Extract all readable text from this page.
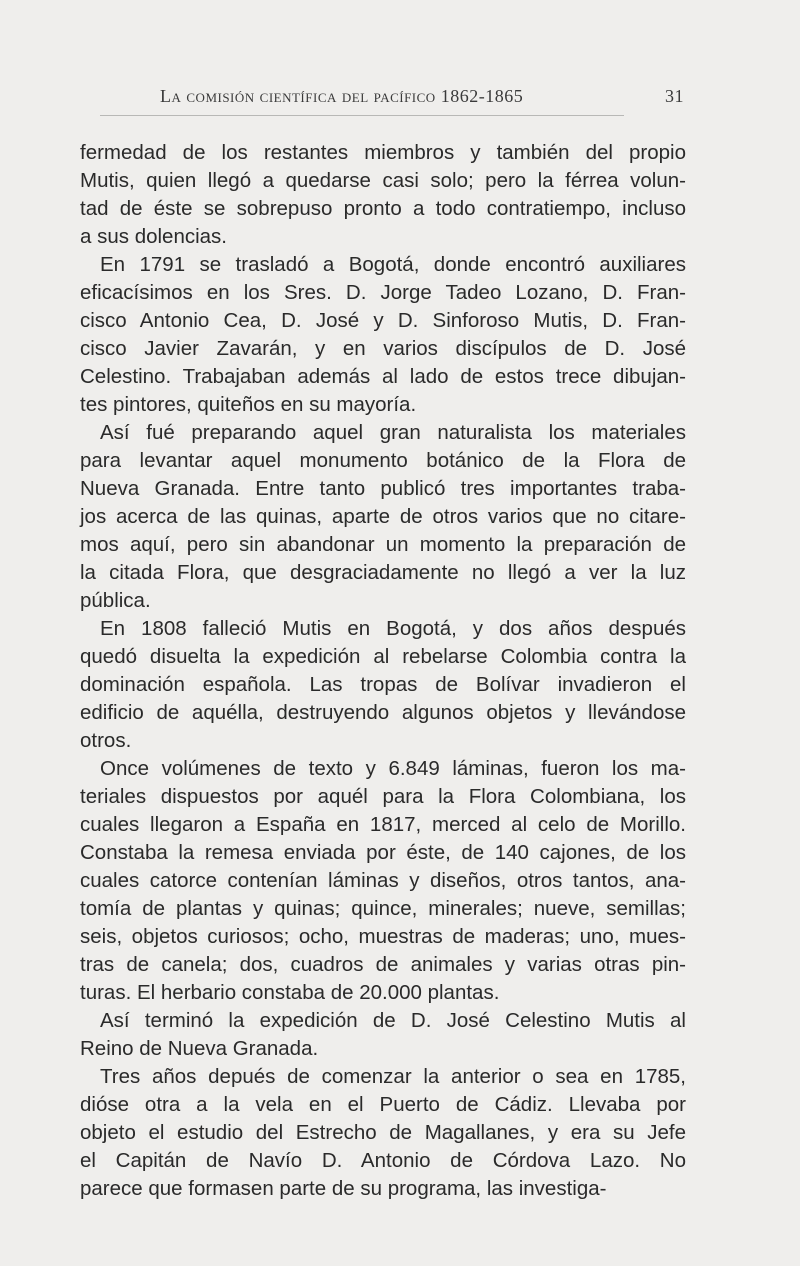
La comisión científica del pacífico 1862-1865	31
fermedad de los restantes miembros y también del propio
Mutis, quien llegó a quedarse casi solo; pero la férrea volun-
tad de éste se sobrepuso pronto a todo contratiempo, incluso
a sus dolencias.
En 1791 se trasladó a Bogotá, donde encontró auxiliares
eficacísimos en los Sres. D. Jorge Tadeo Lozano, D. Fran-
cisco Antonio Cea, D. José y D. Sinforoso Mutis, D. Fran-
cisco Javier Zavarán, y en varios discípulos de D. José
Celestino. Trabajaban además al lado de estos trece dibujan-
tes pintores, quiteños en su mayoría.
Así fué preparando aquel gran naturalista los materiales
para levantar aquel monumento botánico de la Flora de
Nueva Granada. Entre tanto publicó tres importantes traba-
jos acerca de las quinas, aparte de otros varios que no citare-
mos aquí, pero sin abandonar un momento la preparación de
la citada Flora, que desgraciadamente no llegó a ver la luz
pública.
En 1808 falleció Mutis en Bogotá, y dos años después
quedó disuelta la expedición al rebelarse Colombia contra la
dominación española. Las tropas de Bolívar invadieron el
edificio de aquélla, destruyendo algunos objetos y llevándose
otros.
Once volúmenes de texto y 6.849 láminas, fueron los ma-
teriales dispuestos por aquél para la Flora Colombiana, los
cuales llegaron a España en 1817, merced al celo de Morillo.
Constaba la remesa enviada por éste, de 140 cajones, de los
cuales catorce contenían láminas y diseños, otros tantos, ana-
tomía de plantas y quinas; quince, minerales; nueve, semillas;
seis, objetos curiosos; ocho, muestras de maderas; uno, mues-
tras de canela; dos, cuadros de animales y varias otras pin-
turas. El herbario constaba de 20.000 plantas.
Así terminó la expedición de D. José Celestino Mutis al
Reino de Nueva Granada.
Tres años depués de comenzar la anterior o sea en 1785,
dióse otra a la vela en el Puerto de Cádiz. Llevaba por
objeto el estudio del Estrecho de Magallanes, y era su Jefe
el Capitán de Navío D. Antonio de Córdova Lazo. No
parece que formasen parte de su programa, las investiga-
